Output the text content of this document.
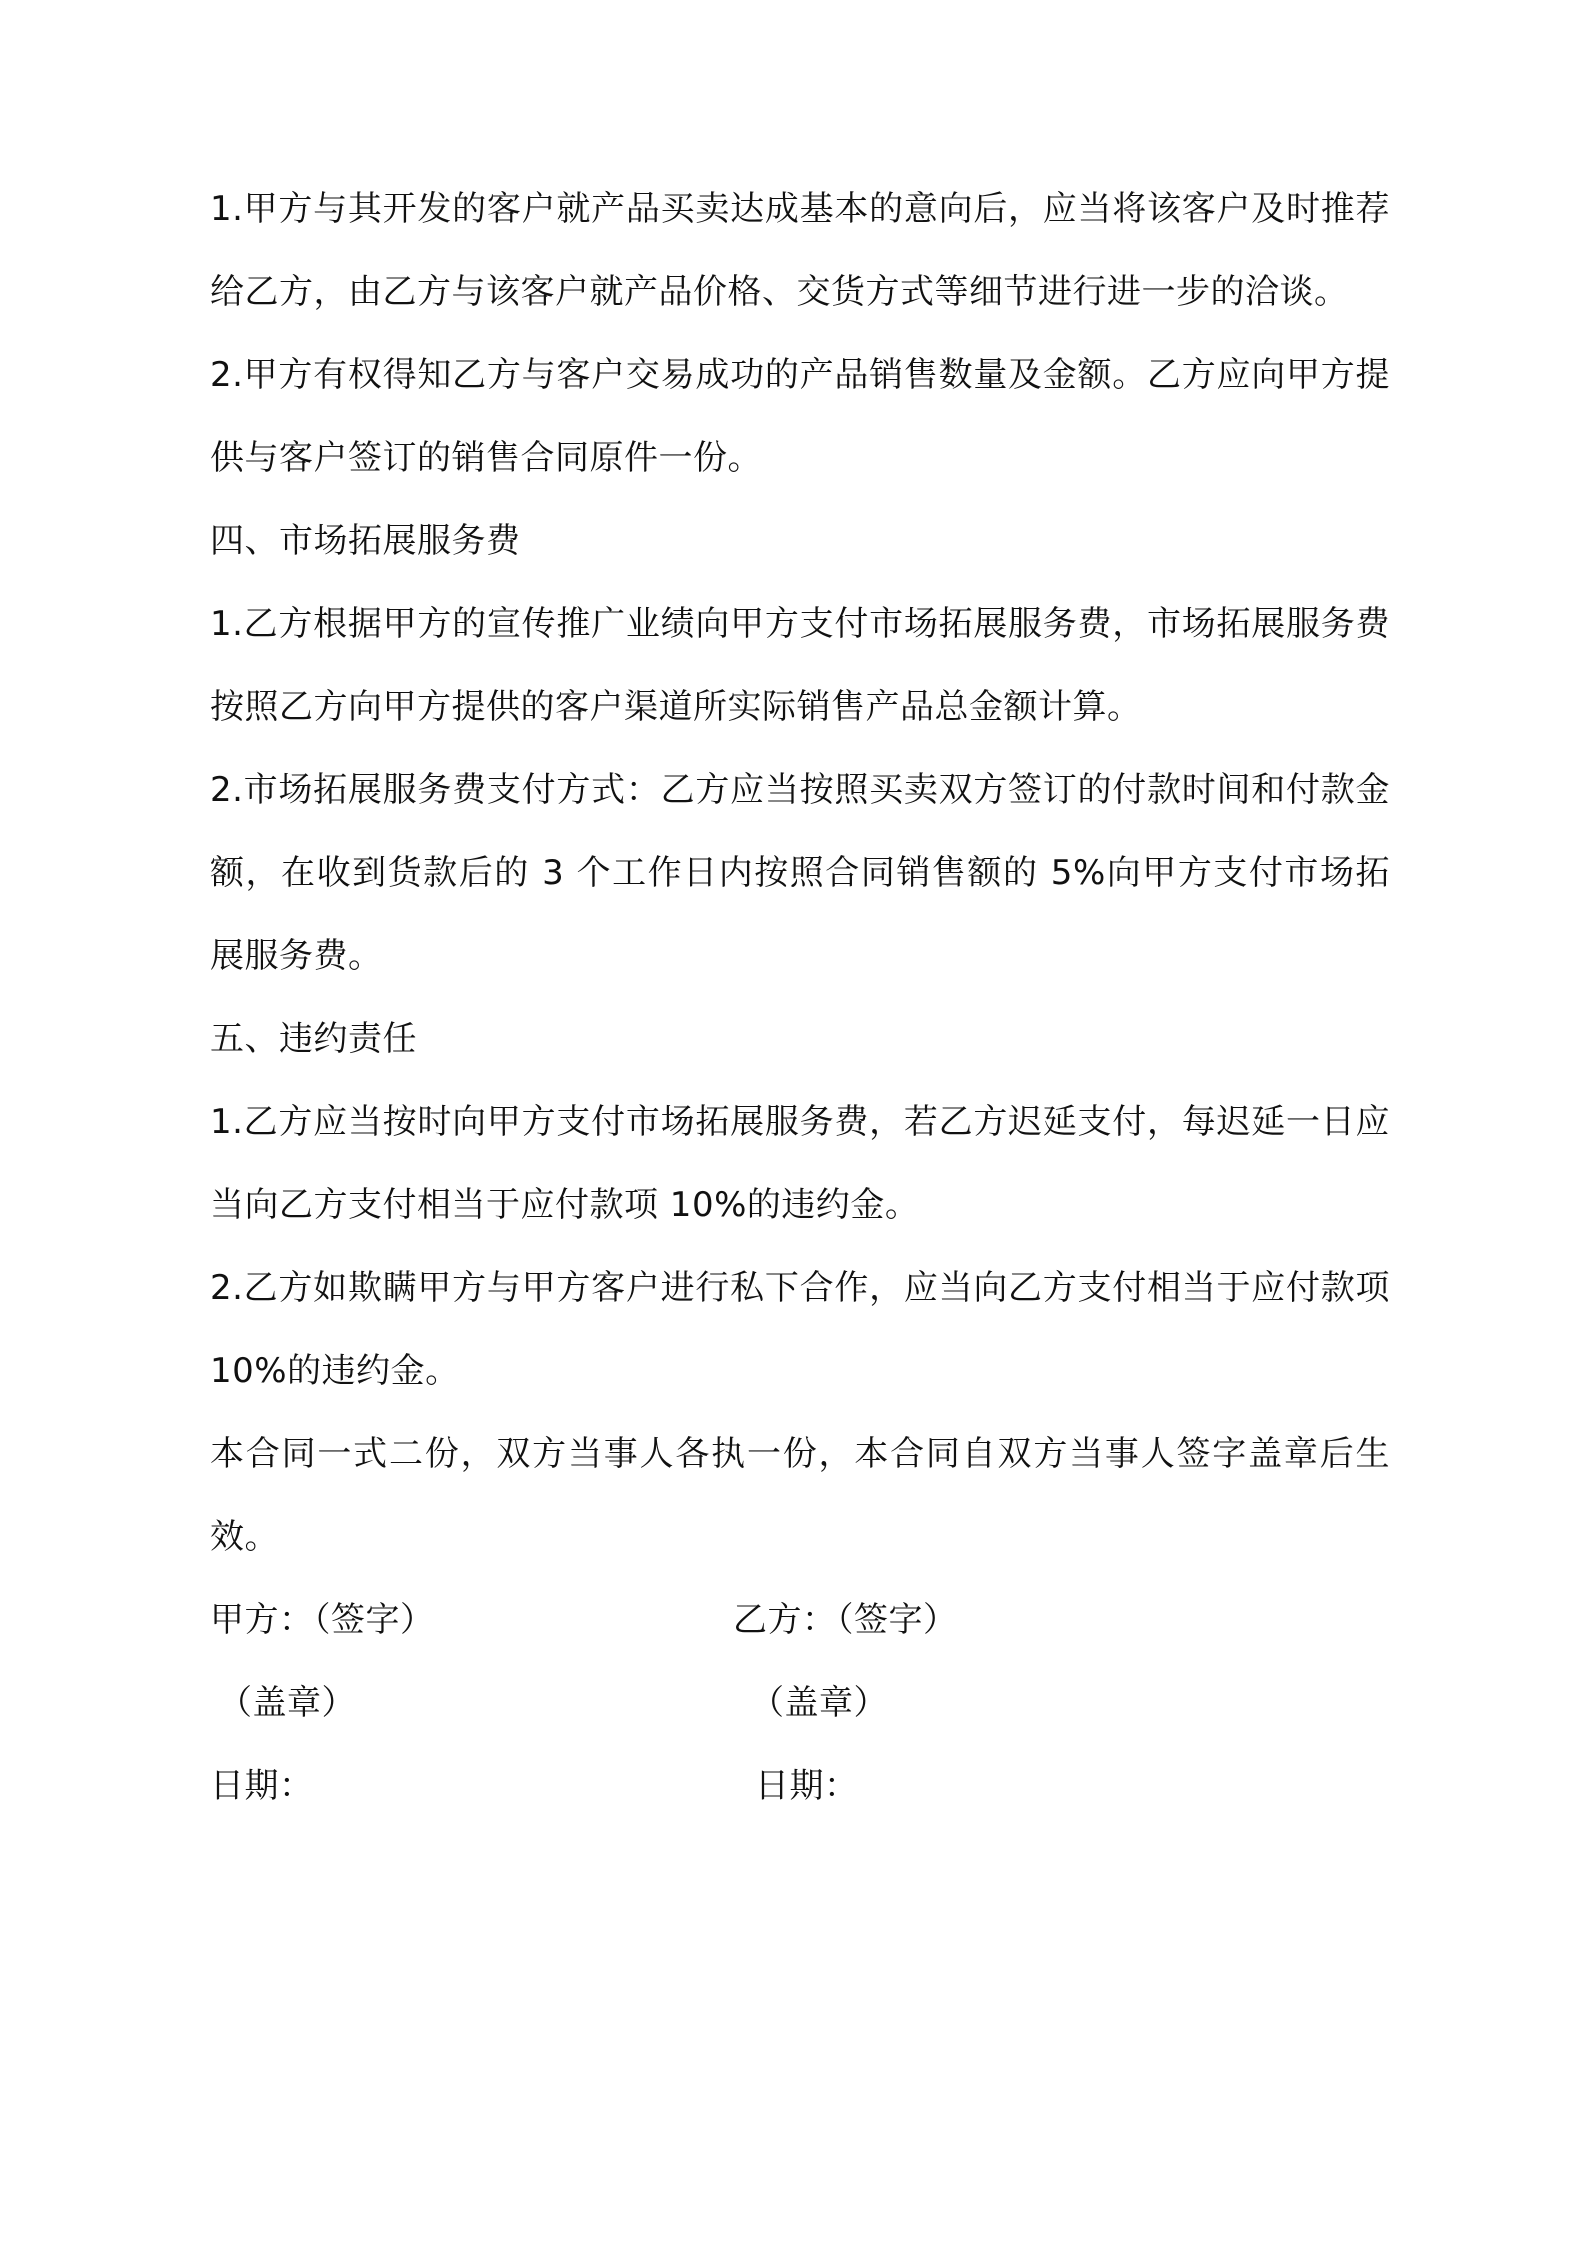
1.甲方与其开发的客户就产品买卖达成基本的意向后，应当将该客户及时推荐给乙方，由乙方与该客户就产品价格、交货方式等细节进行进一步的洽谈。

2.甲方有权得知乙方与客户交易成功的产品销售数量及金额。乙方应向甲方提供与客户签订的销售合同原件一份。

四、市场拓展服务费

1.乙方根据甲方的宣传推广业绩向甲方支付市场拓展服务费，市场拓展服务费按照乙方向甲方提供的客户渠道所实际销售产品总金额计算。

2.市场拓展服务费支付方式：乙方应当按照买卖双方签订的付款时间和付款金额，在收到货款后的 3 个工作日内按照合同销售额的 5%向甲方支付市场拓展服务费。

五、违约责任

1.乙方应当按时向甲方支付市场拓展服务费，若乙方迟延支付，每迟延一日应当向乙方支付相当于应付款项 10%的违约金。

2.乙方如欺瞒甲方与甲方客户进行私下合作，应当向乙方支付相当于应付款项 10%的违约金。

本合同一式二份，双方当事人各执一份，本合同自双方当事人签字盖章后生效。

甲方：（签字）	乙方：（签字）
（盖章）	（盖章）
日期：	日期：
